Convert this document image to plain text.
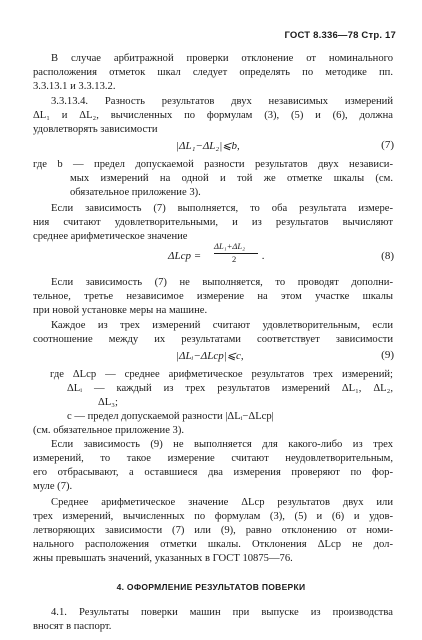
ГОСТ 8.336—78 Стр. 17
В случае арбитражной проверки отклонение от номинального
расположения отметок шкал следует определять по методике пп.
3.3.13.1 и 3.3.13.2.
3.3.13.4. Разность результатов двух независимых измерений
ΔL₁ и ΔL₂, вычисленных по формулам (3), (5) и (6), должна
удовлетворять зависимости
|ΔL₁−ΔL₂|⩽b,	(7)
где b — предел допускаемой разности результатов двух независи-
мых измерений на одной и той же отметке шкалы (см.
обязательное приложение 3).
Если зависимость (7) выполняется, то оба результата измере-
ния считают удовлетворительными, и из результатов вычисляют
среднее арифметическое значение
ΔLср =
ΔL₁+ΔL₂
2 .	(8)
Если зависимость (7) не выполняется, то проводят дополни-
тельное, третье независимое измерение на этом участке шкалы
при новой установке меры на машине.
Каждое из трех измерений считают удовлетворительным, если
соотношение между их результатами соответствует зависимости
|ΔLᵢ−ΔLср|⩽c,	(9)
где ΔLср — среднее арифметическое результатов трех измерений;
ΔLᵢ — каждый из трех результатов измерений ΔL₁, ΔL₂,
ΔL₃;
c — предел допускаемой разности |ΔLᵢ−ΔLср|
(см. обязательное приложение 3).
Если зависимость (9) не выполняется для какого-либо из трех
измерений, то такое измерение считают неудовлетворительным,
его отбрасывают, а оставшиеся два измерения проверяют по фор-
муле (7).
Среднее арифметическое значение ΔLср результатов двух или
трех измерений, вычисленных по формулам (3), (5) и (6) и удов-
летворяющих зависимости (7) или (9), равно отклонению от номи-
нального расположения отметки шкалы. Отклонения ΔLср не дол-
жны превышать значений, указанных в ГОСТ 10875—76.
4. ОФОРМЛЕНИЕ РЕЗУЛЬТАТОВ ПОВЕРКИ
4.1. Результаты поверки машин при выпуске из производства
вносят в паспорт.
